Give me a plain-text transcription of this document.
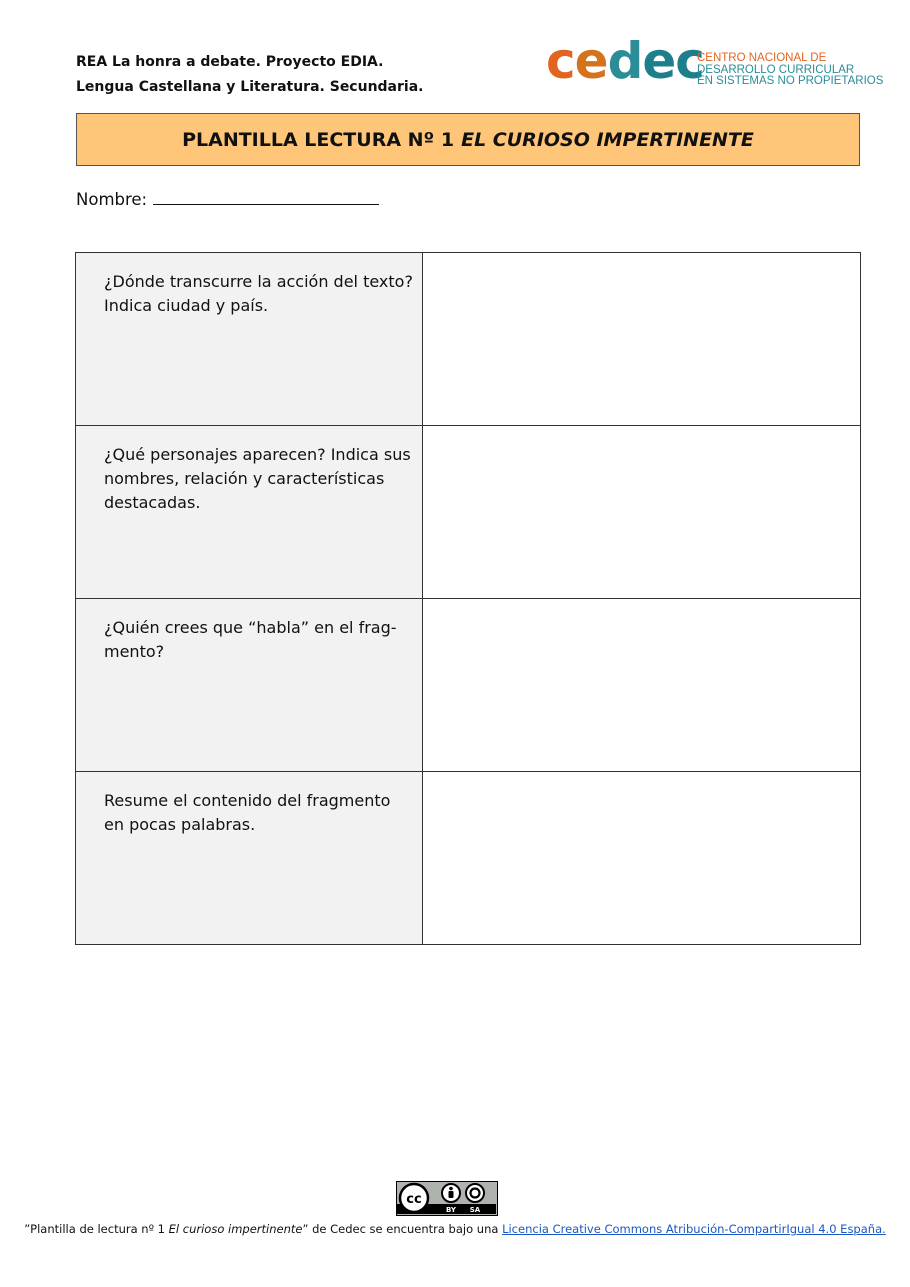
REA La honra a debate. Proyecto EDIA.
Lengua Castellana y Literatura. Secundaria. cedec
CENTRO NACIONAL DE
DESARROLLO CURRICULAR
EN SISTEMAS NO PROPIETARIOS
PLANTILLA LECTURA Nº 1 EL CURIOSO IMPERTINENTE
Nombre:
¿Dónde transcurre la acción del texto? Indica ciudad y país.	

¿Qué personajes aparecen? Indica sus nombres, relación y características destacadas.	

¿Quién crees que “habla” en el fragmento?	

Resume el contenido del fragmento en pocas palabras.	

cc
BY SA
”Plantilla de lectura nº 1 El curioso impertinente” de Cedec se encuentra bajo una Licencia Creative Commons Atribución-CompartirIgual 4.0 España.
